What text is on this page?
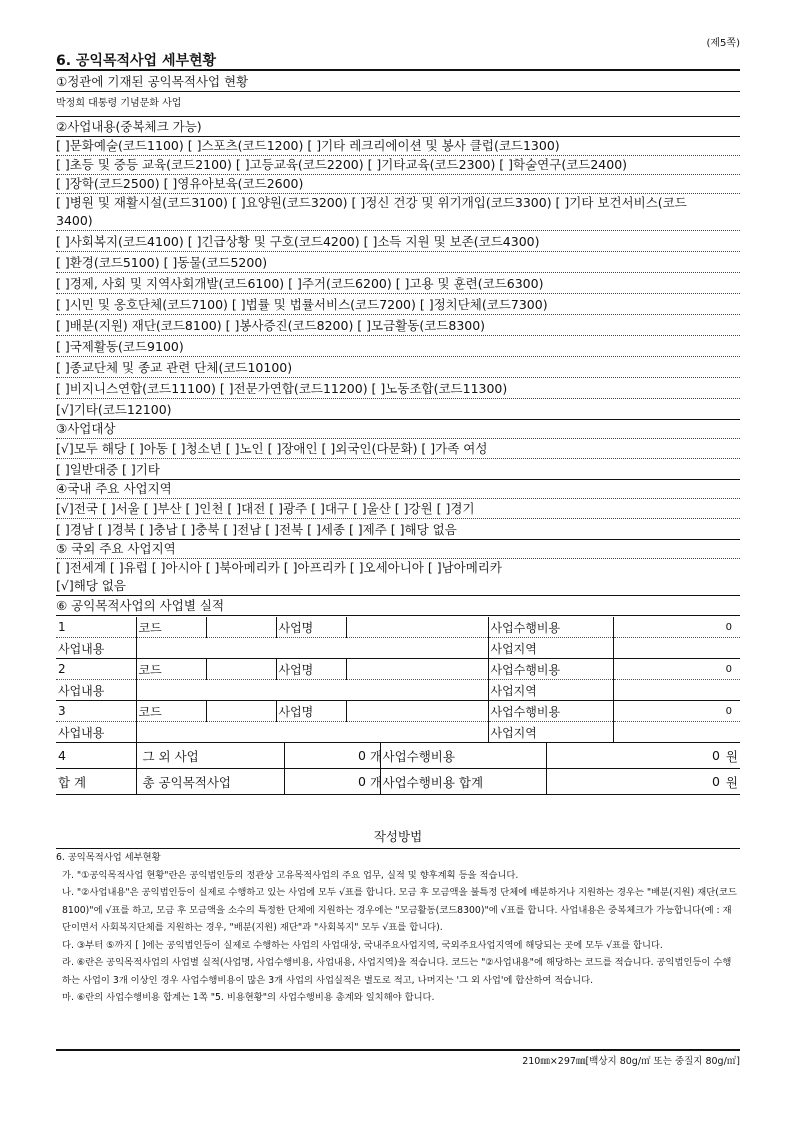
(제5쪽)
6. 공익목적사업 세부현황
①정관에 기재된 공익목적사업 현황
박정희 대통령 기념문화 사업
②사업내용(중복체크 가능)
[ ]문화예술(코드1100) [ ]스포츠(코드1200) [ ]기타 레크리에이션 및 봉사 클럽(코드1300)
[ ]초등 및 중등 교육(코드2100) [ ]고등교육(코드2200) [ ]기타교육(코드2300) [ ]학술연구(코드2400)
[ ]장학(코드2500) [ ]영유아보육(코드2600)
[ ]병원 및 재활시설(코드3100) [ ]요양원(코드3200) [ ]정신 건강 및 위기개입(코드3300) [ ]기타 보건서비스(코드
3400)
[ ]사회복지(코드4100) [ ]긴급상황 및 구호(코드4200) [ ]소득 지원 및 보존(코드4300)
[ ]환경(코드5100) [ ]동물(코드5200)
[ ]경제, 사회 및 지역사회개발(코드6100) [ ]주거(코드6200) [ ]고용 및 훈련(코드6300)
[ ]시민 및 옹호단체(코드7100) [ ]법률 및 법률서비스(코드7200) [ ]정치단체(코드7300)
[ ]배분(지원) 재단(코드8100) [ ]봉사증진(코드8200) [ ]모금활동(코드8300)
[ ]국제활동(코드9100)
[ ]종교단체 및 종교 관련 단체(코드10100)
[ ]비지니스연합(코드11100) [ ]전문가연합(코드11200) [ ]노동조합(코드11300)
[√]기타(코드12100)
③사업대상
[√]모두 해당 [ ]아동 [ ]청소년 [ ]노인 [ ]장애인 [ ]외국인(다문화) [ ]가족 여성
[ ]일반대중 [ ]기타
④국내 주요 사업지역
[√]전국 [ ]서울 [ ]부산 [ ]인천 [ ]대전 [ ]광주 [ ]대구 [ ]울산 [ ]강원 [ ]경기
[ ]경남 [ ]경북 [ ]충남 [ ]충북 [ ]전남 [ ]전북 [ ]세종 [ ]제주 [ ]해당 없음
⑤ 국외 주요 사업지역
[ ]전세계 [ ]유럽 [ ]아시아 [ ]북아메리카 [ ]아프리카 [ ]오세아니아 [ ]남아메리카
[√]해당 없음
⑥ 공익목적사업의 사업별 실적
1	코드		사업명		사업수행비용	0
사업내용					사업지역	
2	코드		사업명		사업수행비용	0
사업내용					사업지역	
3	코드		사업명		사업수행비용	0
사업내용					사업지역	
4	그 외 사업	0	개	사업수행비용	0	원
합 계	총 공익목적사업	0	개	사업수행비용 합계	0	원
작성방법

6. 공익목적사업 세부현황

가. "①공익목적사업 현황"란은 공익법인등의 정관상 고유목적사업의 주요 업무, 실적 및 향후계획 등을 적습니다.

나. "②사업내용"은 공익법인등이 실제로 수행하고 있는 사업에 모두 √표를 합니다. 모금 후 모금액을 불특정 단체에 배분하거나 지원하는 경우는 "배분(지원) 재단(코드8100)"에 √표를 하고, 모금 후 모금액을 소수의 특정한 단체에 지원하는 경우에는 "모금활동(코드8300)"에 √표를 합니다. 사업내용은 중복체크가 가능합니다(예 : 재단이면서 사회복지단체를 지원하는 경우, "배분(지원) 재단"과 "사회복지" 모두 √표를 합니다).

다. ③부터 ⑤까지 [ ]에는 공익법인등이 실제로 수행하는 사업의 사업대상, 국내주요사업지역, 국외주요사업지역에 해당되는 곳에 모두 √표를 합니다.

라. ⑥란은 공익목적사업의 사업별 실적(사업명, 사업수행비용, 사업내용, 사업지역)을 적습니다. 코드는 "②사업내용"에 해당하는 코드를 적습니다. 공익법인등이 수행하는 사업이 3개 이상인 경우 사업수행비용이 많은 3개 사업의 사업실적은 별도로 적고, 나머지는 '그 외 사업'에 합산하여 적습니다.

마. ⑥란의 사업수행비용 합계는 1쪽 "5. 비용현황"의 사업수행비용 총계와 일치해야 합니다.

210㎜×297㎜[백상지 80g/㎡ 또는 중질지 80g/㎡]
